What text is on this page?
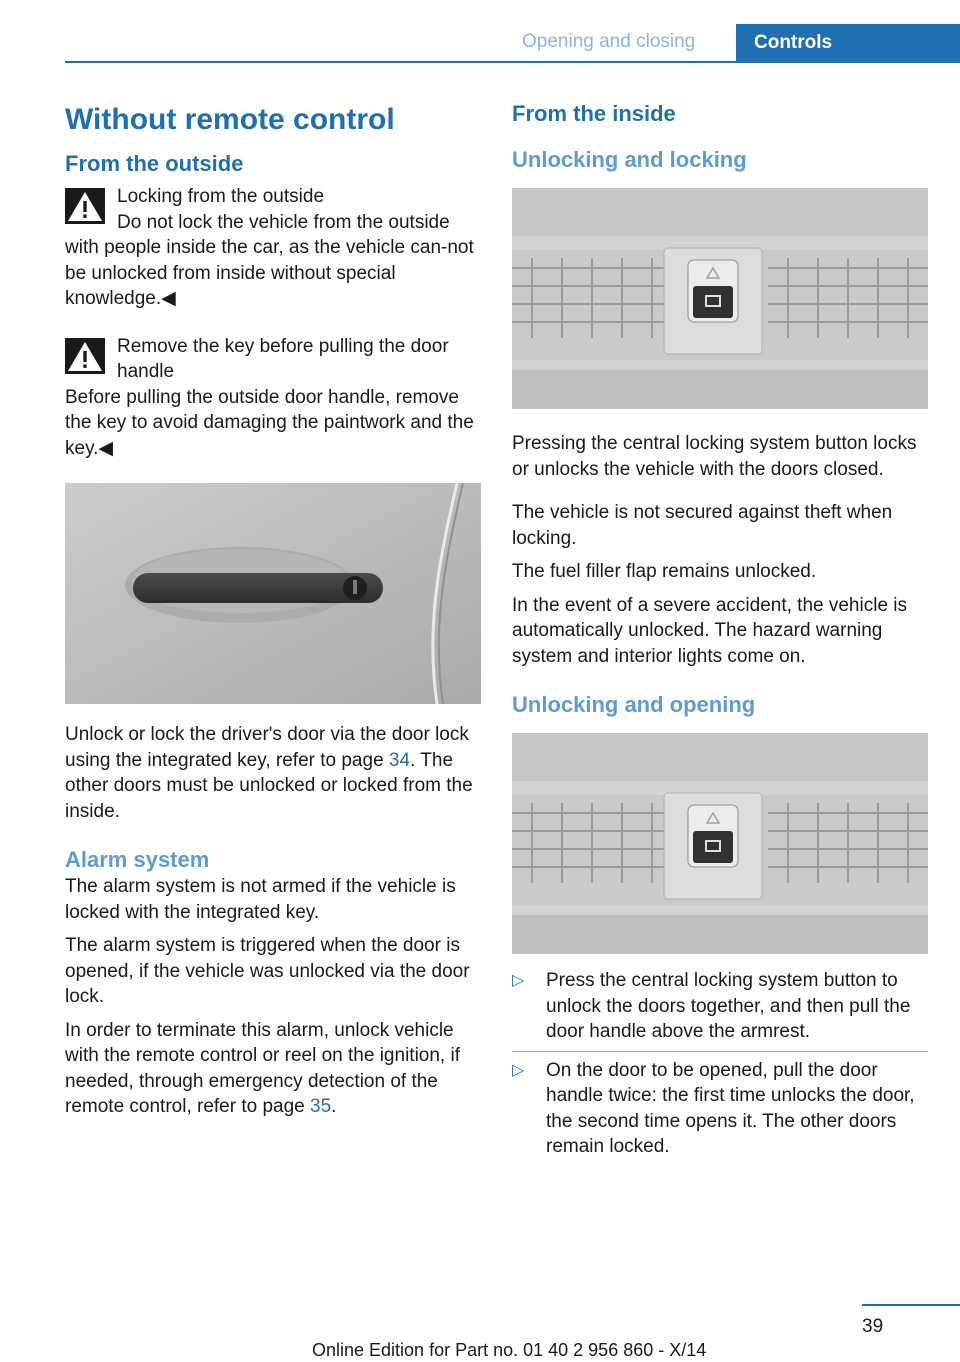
Opening and closing	Controls
Without remote control
From the outside
Locking from the outside
Do not lock the vehicle from the outside

with people inside the car, as the vehicle can‐not be unlocked from inside without special knowledge.◀

Remove the key before pulling the door handle

Before pulling the outside door handle, remove the key to avoid damaging the paintwork and the key.◀

Unlock or lock the driver's door via the door lock using the integrated key, refer to page 34. The other doors must be unlocked or locked from the inside.

Alarm system

The alarm system is not armed if the vehicle is locked with the integrated key.

The alarm system is triggered when the door is opened, if the vehicle was unlocked via the door lock.

In order to terminate this alarm, unlock vehicle with the remote control or reel on the ignition, if needed, through emergency detection of the remote control, refer to page 35.

From the inside
Unlocking and locking

Pressing the central locking system button locks or unlocks the vehicle with the doors closed.

The vehicle is not secured against theft when locking.

The fuel filler flap remains unlocked.

In the event of a severe accident, the vehicle is automatically unlocked. The hazard warning system and interior lights come on.

Unlocking and opening
▷ Press the central locking system button to unlock the doors together, and then pull the door handle above the armrest.
▷ On the door to be opened, pull the door handle twice: the first time unlocks the door, the second time opens it. The other doors remain locked.
39
Online Edition for Part no. 01 40 2 956 860 - X/14
